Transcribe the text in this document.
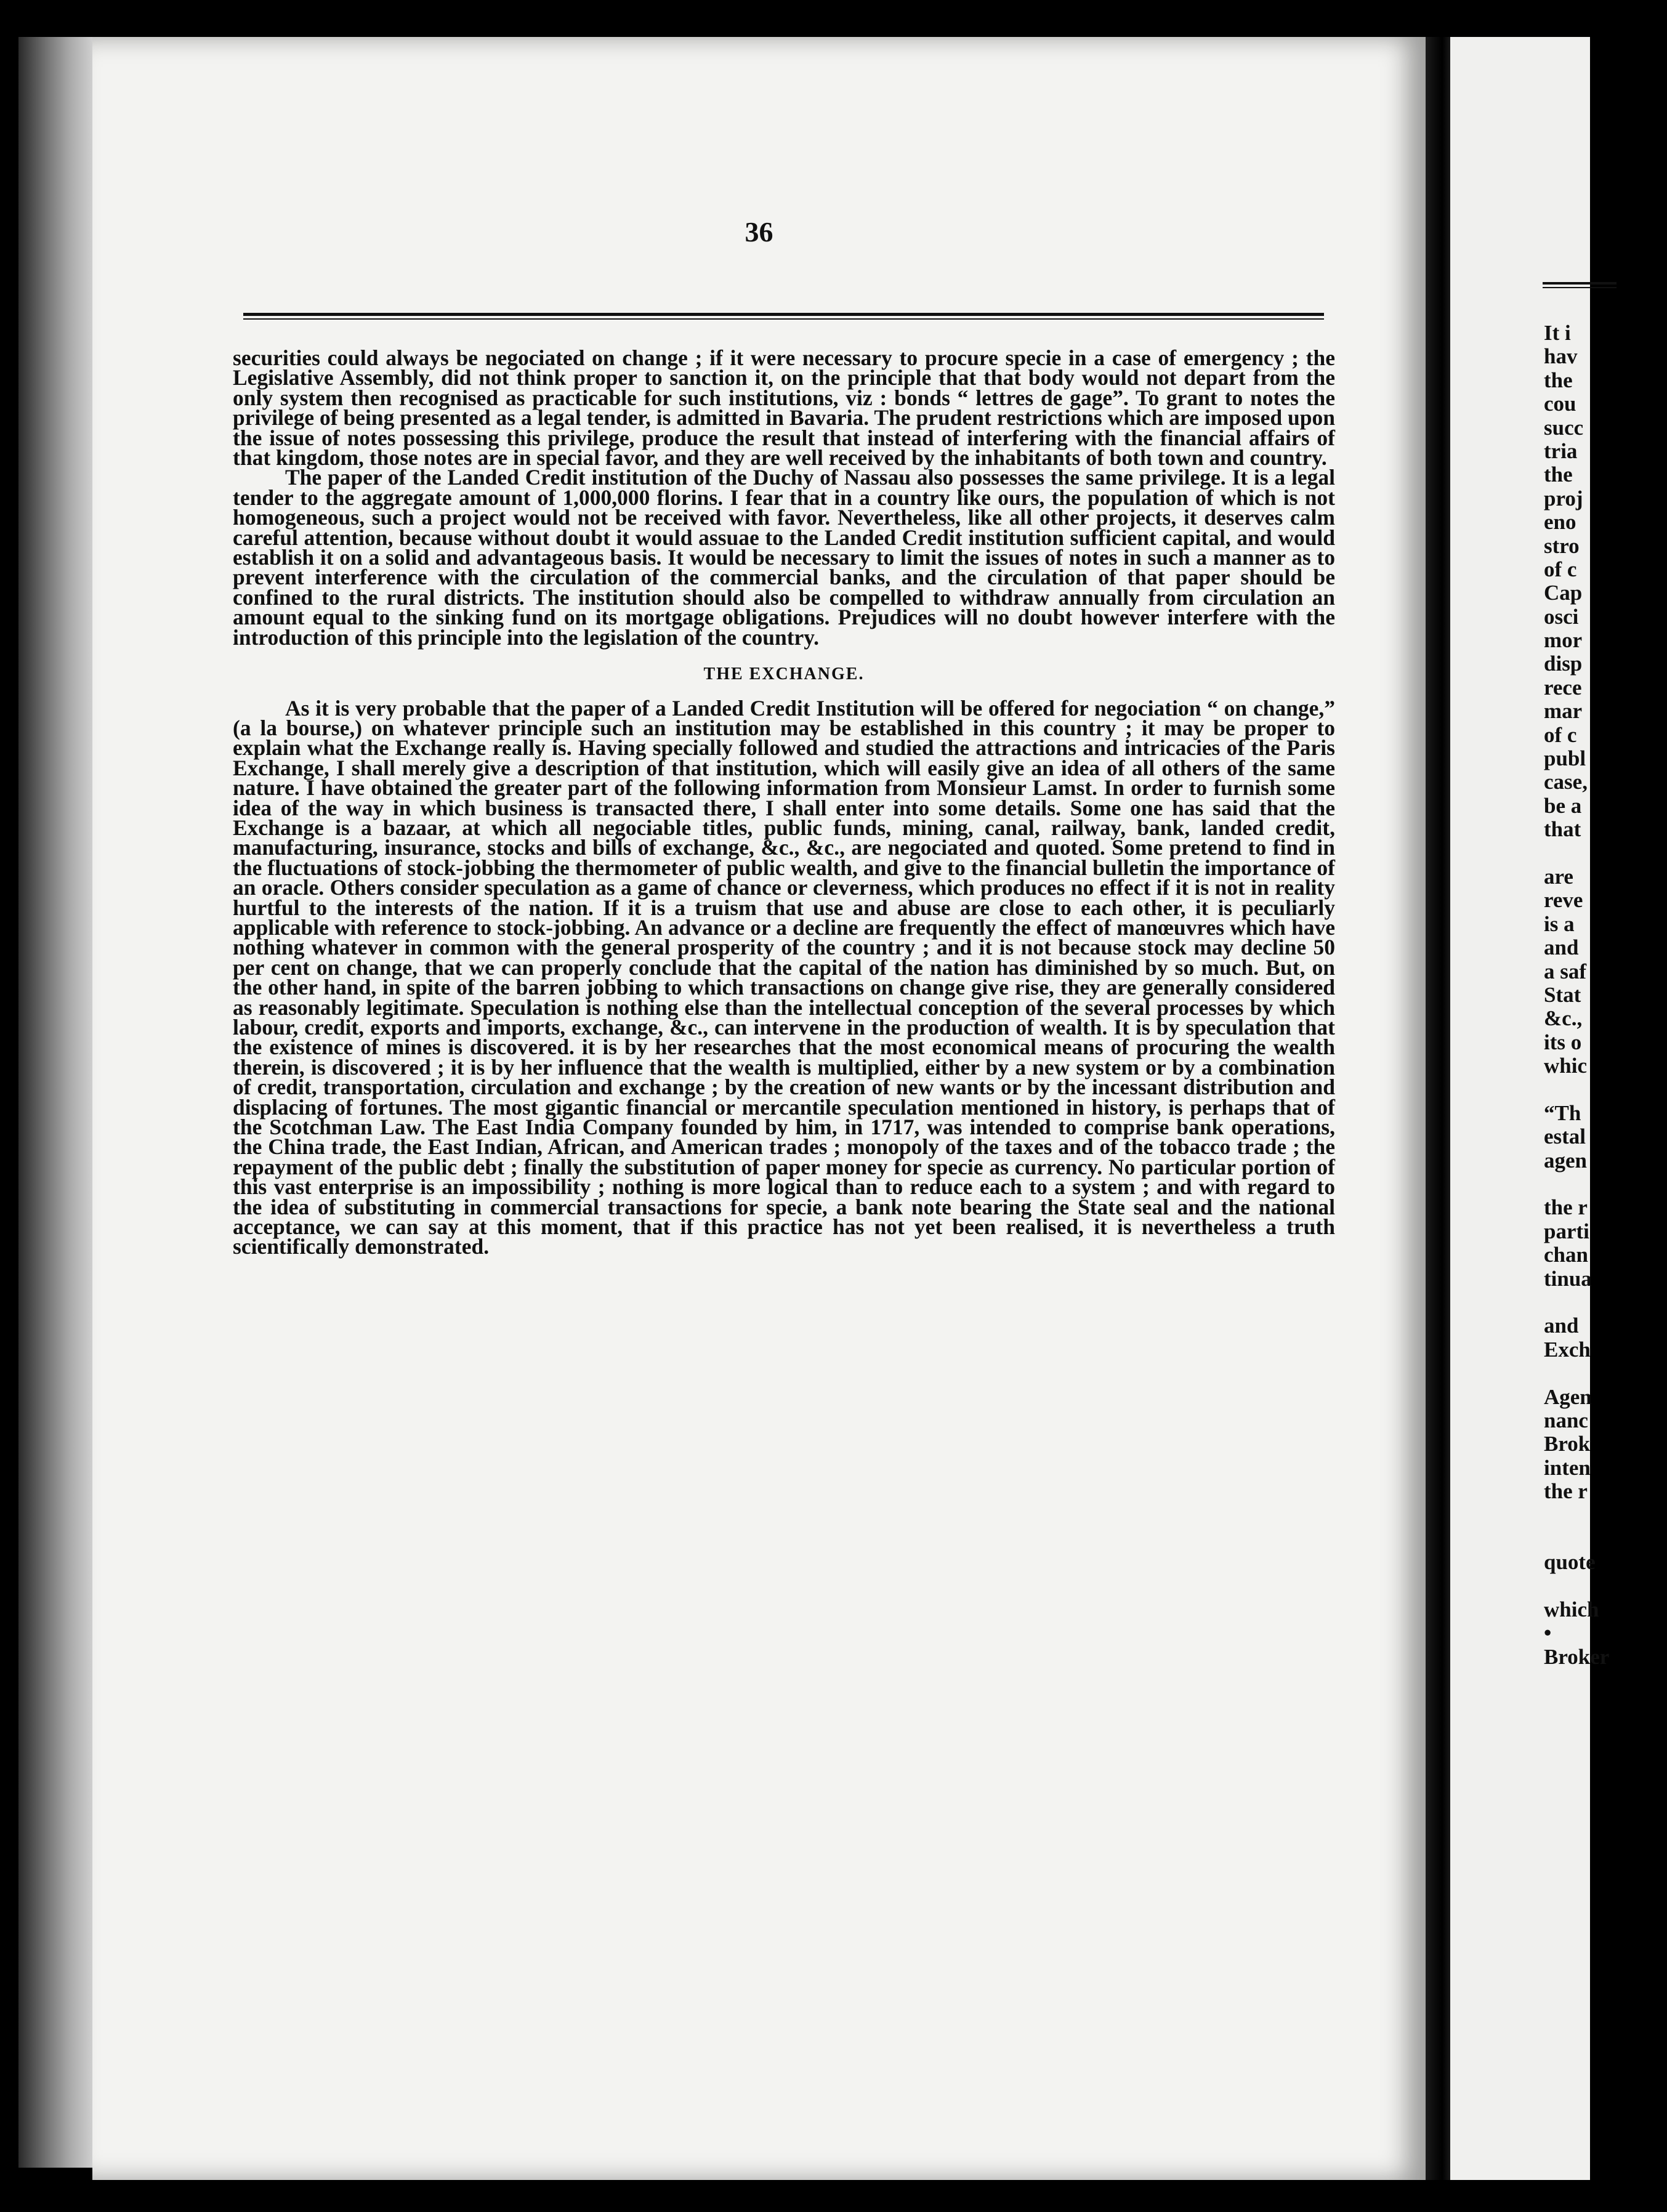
36

securities could always be negociated on change ; if it were necessary to procure specie in a case of emergency ; the Legislative Assembly, did not think proper to sanction it, on the principle that that body would not depart from the only system then recognised as practicable for such institutions, viz : bonds “ lettres de gage”. To grant to notes the privilege of being presented as a legal tender, is admitted in Bavaria. The prudent restrictions which are imposed upon the issue of notes possessing this privilege, produce the result that instead of interfering with the financial affairs of that kingdom, those notes are in special favor, and they are well received by the inhabitants of both town and country.

The paper of the Landed Credit institution of the Duchy of Nassau also possesses the same privilege. It is a legal tender to the aggregate amount of 1,000,000 florins. I fear that in a country like ours, the population of which is not homogeneous, such a project would not be received with favor. Nevertheless, like all other projects, it deserves calm careful attention, because without doubt it would assuae to the Landed Credit institution sufficient capital, and would establish it on a solid and advantageous basis. It would be necessary to limit the issues of notes in such a manner as to prevent interference with the circulation of the commercial banks, and the circulation of that paper should be confined to the rural districts. The institution should also be compelled to withdraw annually from circulation an amount equal to the sinking fund on its mortgage obligations. Prejudices will no doubt however interfere with the introduction of this principle into the legislation of the country.

THE EXCHANGE.

As it is very probable that the paper of a Landed Credit Institution will be offered for negociation “ on change,” (a la bourse,) on whatever principle such an institution may be established in this country ; it may be proper to explain what the Exchange really is. Having specially followed and studied the attractions and intricacies of the Paris Exchange, I shall merely give a description of that institution, which will easily give an idea of all others of the same nature. I have obtained the greater part of the following information from Monsieur Lamst. In order to furnish some idea of the way in which business is transacted there, I shall enter into some details. Some one has said that the Exchange is a bazaar, at which all negociable titles, public funds, mining, canal, railway, bank, landed credit, manufacturing, insurance, stocks and bills of exchange, &c., &c., are negociated and quoted. Some pretend to find in the fluctuations of stock-jobbing the thermometer of public wealth, and give to the financial bulletin the importance of an oracle. Others consider speculation as a game of chance or cleverness, which produces no effect if it is not in reality hurtful to the interests of the nation. If it is a truism that use and abuse are close to each other, it is peculiarly applicable with reference to stock-jobbing. An advance or a decline are frequently the effect of manœuvres which have nothing whatever in common with the general prosperity of the country ; and it is not because stock may decline 50 per cent on change, that we can properly conclude that the capital of the nation has diminished by so much. But, on the other hand, in spite of the barren jobbing to which transactions on change give rise, they are generally considered as reasonably legitimate. Speculation is nothing else than the intellectual conception of the several processes by which labour, credit, exports and imports, exchange, &c., can intervene in the production of wealth. It is by speculation that the existence of mines is discovered. it is by her researches that the most economical means of procuring the wealth therein, is discovered ; it is by her influence that the wealth is multiplied, either by a new system or by a combination of credit, transportation, circulation and exchange ; by the creation of new wants or by the incessant distribution and displacing of fortunes. The most gigantic financial or mercantile speculation mentioned in history, is perhaps that of the Scotchman Law. The East India Company founded by him, in 1717, was intended to comprise bank operations, the China trade, the East Indian, African, and American trades ; monopoly of the taxes and of the tobacco trade ; the repayment of the public debt ; finally the substitution of paper money for specie as currency. No particular portion of this vast enterprise is an impossibility ; nothing is more logical than to reduce each to a system ; and with regard to the idea of substituting in commercial transactions for specie, a bank note bearing the State seal and the national acceptance, we can say at this moment, that if this practice has not yet been realised, it is nevertheless a truth scientifically demonstrated.

It i
hav
the
cou
succ
tria
the
proj
eno
stro
of c
Cap
osci
mor
disp
rece
mar
of c
publ
case,
be a
that
are
reve
is a
and
a saf
Stat
&c.,
its o
whic
“Th
estal
agen
the r
parti
chan
tinua
and
Exch
Agen
nanc
Brok
inten
the r
quote
which
•
Broker
